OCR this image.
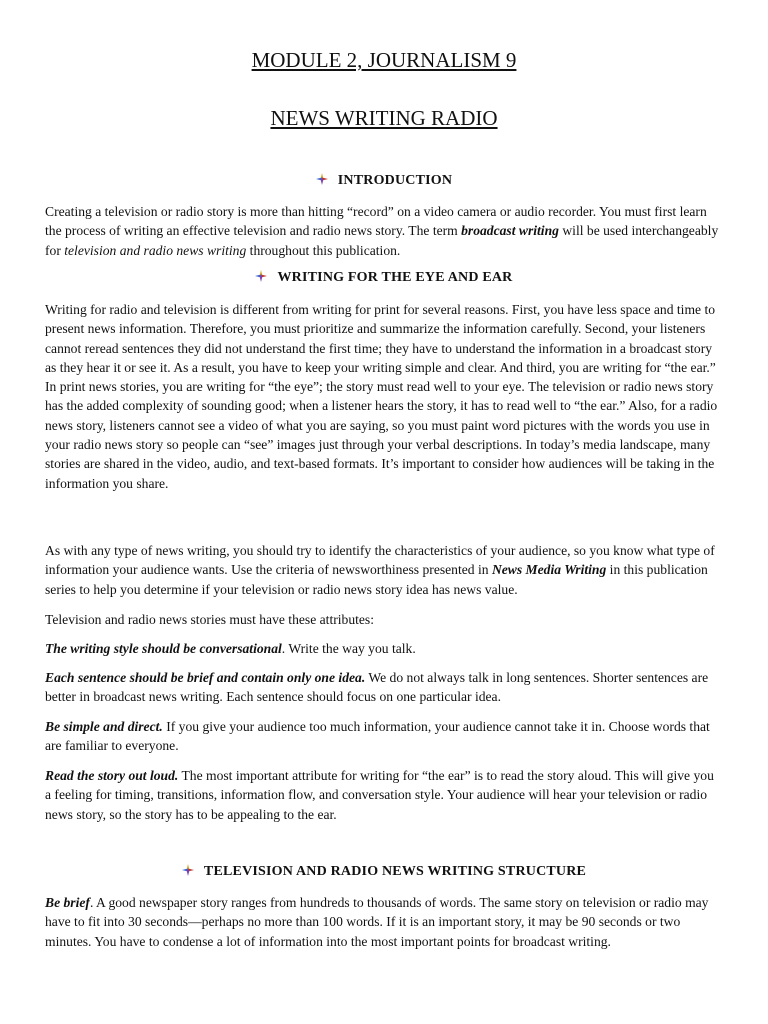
MODULE 2, JOURNALISM 9
NEWS WRITING RADIO
INTRODUCTION

Creating a television or radio story is more than hitting “record” on a video camera or audio recorder. You must first learn the process of writing an effective television and radio news story. The term broadcast writing will be used interchangeably for television and radio news writing throughout this publication.

WRITING FOR THE EYE AND EAR

Writing for radio and television is different from writing for print for several reasons. First, you have less space and time to present news information. Therefore, you must prioritize and summarize the information carefully. Second, your listeners cannot reread sentences they did not understand the first time; they have to understand the information in a broadcast story as they hear it or see it. As a result, you have to keep your writing simple and clear. And third, you are writing for “the ear.” In print news stories, you are writing for “the eye”; the story must read well to your eye. The television or radio news story has the added complexity of sounding good; when a listener hears the story, it has to read well to “the ear.” Also, for a radio news story, listeners cannot see a video of what you are saying, so you must paint word pictures with the words you use in your radio news story so people can “see” images just through your verbal descriptions. In today’s media landscape, many stories are shared in the video, audio, and text-based formats. It’s important to consider how audiences will be taking in the information you share.

As with any type of news writing, you should try to identify the characteristics of your audience, so you know what type of information your audience wants. Use the criteria of newsworthiness presented in News Media Writing in this publication series to help you determine if your television or radio news story idea has news value.

Television and radio news stories must have these attributes:

The writing style should be conversational. Write the way you talk.

Each sentence should be brief and contain only one idea. We do not always talk in long sentences. Shorter sentences are better in broadcast news writing. Each sentence should focus on one particular idea.

Be simple and direct. If you give your audience too much information, your audience cannot take it in. Choose words that are familiar to everyone.

Read the story out loud. The most important attribute for writing for “the ear” is to read the story aloud. This will give you a feeling for timing, transitions, information flow, and conversation style. Your audience will hear your television or radio news story, so the story has to be appealing to the ear.

TELEVISION AND RADIO NEWS WRITING STRUCTURE

Be brief. A good newspaper story ranges from hundreds to thousands of words. The same story on television or radio may have to fit into 30 seconds—perhaps no more than 100 words. If it is an important story, it may be 90 seconds or two minutes. You have to condense a lot of information into the most important points for broadcast writing.
